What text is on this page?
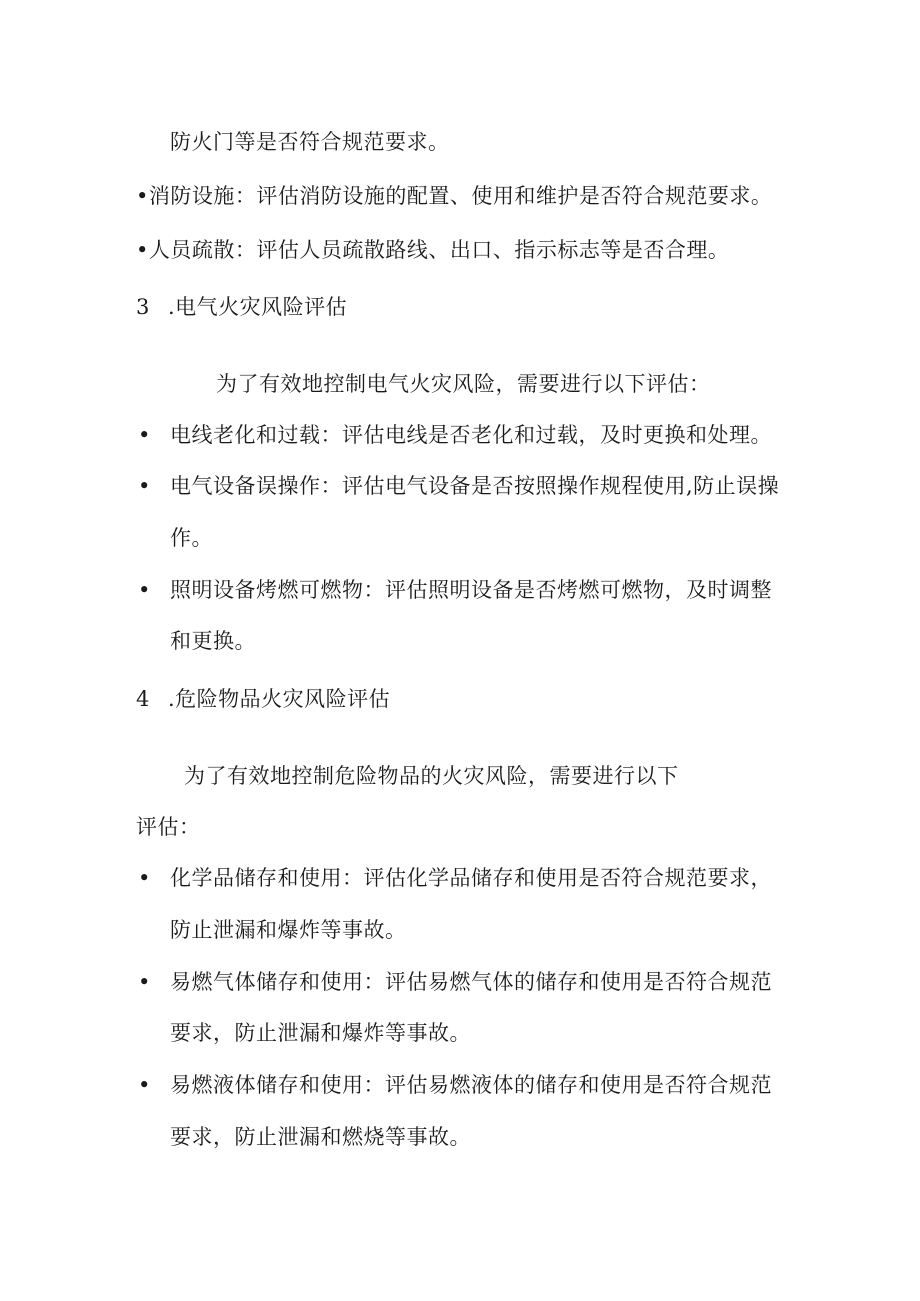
防火门等是否符合规范要求。
•消防设施：评估消防设施的配置、使用和维护是否符合规范要求。
•人员疏散：评估人员疏散路线、出口、指示标志等是否合理。
3 .电气火灾风险评估
为了有效地控制电气火灾风险，需要进行以下评估：
• 电线老化和过载：评估电线是否老化和过载，及时更换和处理。
• 电气设备误操作：评估电气设备是否按照操作规程使用,防止误操
作。
• 照明设备烤燃可燃物：评估照明设备是否烤燃可燃物，及时调整
和更换。
4 .危险物品火灾风险评估
为了有效地控制危险物品的火灾风险，需要进行以下
评估：
• 化学品储存和使用：评估化学品储存和使用是否符合规范要求，
防止泄漏和爆炸等事故。
• 易燃气体储存和使用：评估易燃气体的储存和使用是否符合规范
要求，防止泄漏和爆炸等事故。
• 易燃液体储存和使用：评估易燃液体的储存和使用是否符合规范
要求，防止泄漏和燃烧等事故。
